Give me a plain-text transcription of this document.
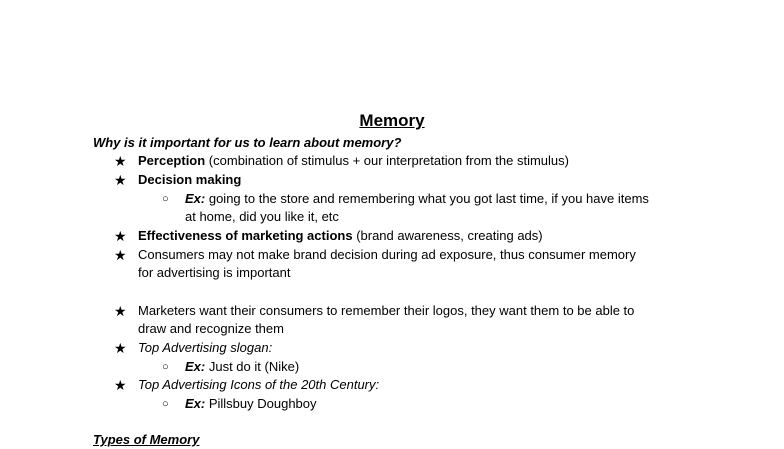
Memory
Why is it important for us to learn about memory?
★ Perception (combination of stimulus + our interpretation from the stimulus)
★ Decision making
○ Ex: going to the store and remembering what you got last time, if you have items
at home, did you like it, etc
★ Effectiveness of marketing actions (brand awareness, creating ads)
★ Consumers may not make brand decision during ad exposure, thus consumer memory
for advertising is important
★ Marketers want their consumers to remember their logos, they want them to be able to
draw and recognize them
★ Top Advertising slogan:
○ Ex: Just do it (Nike)
★ Top Advertising Icons of the 20th Century:
○ Ex: Pillsbuy Doughboy
Types of Memory
